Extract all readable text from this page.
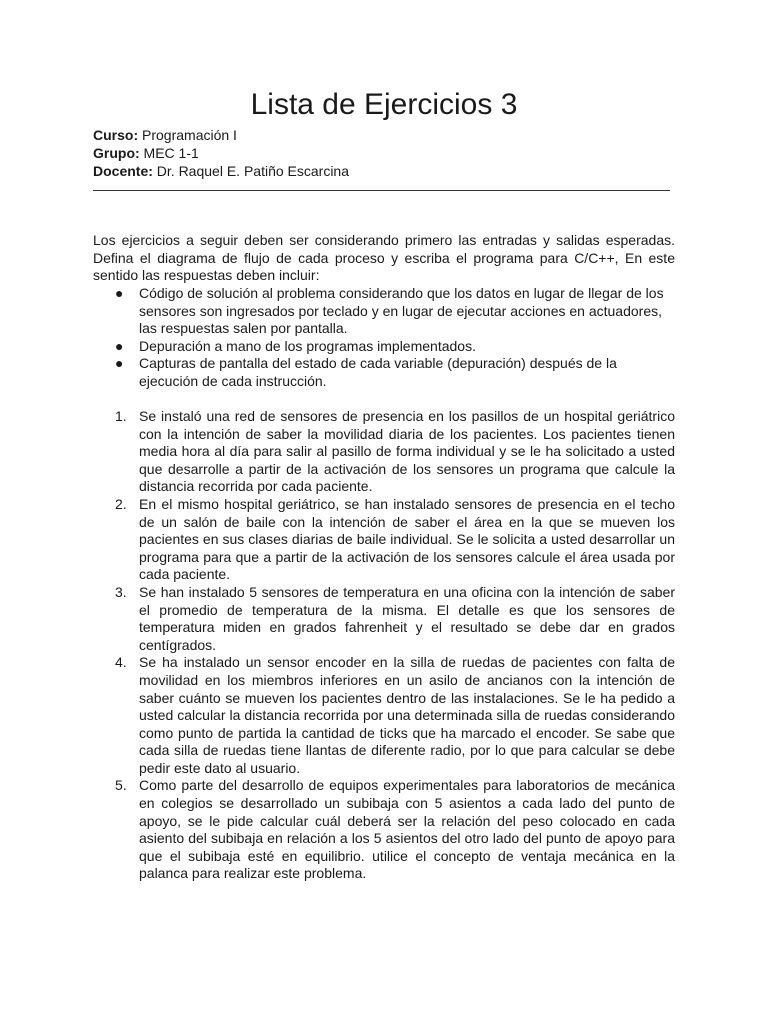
Lista de Ejercicios 3
Curso: Programación I
Grupo: MEC 1-1
Docente: Dr. Raquel E. Patiño Escarcina

Los ejercicios a seguir deben ser considerando primero las entradas y salidas esperadas. Defina el diagrama de flujo de cada proceso y escriba el programa para C/C++, En este sentido las respuestas deben incluir:

● Código de solución al problema considerando que los datos en lugar de llegar de los sensores son ingresados por teclado y en lugar de ejecutar acciones en actuadores, las respuestas salen por pantalla.
● Depuración a mano de los programas implementados.
● Capturas de pantalla del estado de cada variable (depuración) después de la ejecución de cada instrucción.
1. Se instaló una red de sensores de presencia en los pasillos de un hospital geriátrico con la intención de saber la movilidad diaria de los pacientes. Los pacientes tienen media hora al día para salir al pasillo de forma individual y se le ha solicitado a usted que desarrolle a partir de la activación de los sensores un programa que calcule la distancia recorrida por cada paciente.
2. En el mismo hospital geriátrico, se han instalado sensores de presencia en el techo de un salón de baile con la intención de saber el área en la que se mueven los pacientes en sus clases diarias de baile individual. Se le solicita a usted desarrollar un programa para que a partir de la activación de los sensores calcule el área usada por cada paciente.
3. Se han instalado 5 sensores de temperatura en una oficina con la intención de saber el promedio de temperatura de la misma. El detalle es que los sensores de temperatura miden en grados fahrenheit y el resultado se debe dar en grados centígrados.
4. Se ha instalado un sensor encoder en la silla de ruedas de pacientes con falta de movilidad en los miembros inferiores en un asilo de ancianos con la intención de saber cuánto se mueven los pacientes dentro de las instalaciones. Se le ha pedido a usted calcular la distancia recorrida por una determinada silla de ruedas considerando como punto de partida la cantidad de ticks que ha marcado el encoder. Se sabe que cada silla de ruedas tiene llantas de diferente radio, por lo que para calcular se debe pedir este dato al usuario.
5. Como parte del desarrollo de equipos experimentales para laboratorios de mecánica en colegios se desarrollado un subibaja con 5 asientos a cada lado del punto de apoyo, se le pide calcular cuál deberá ser la relación del peso colocado en cada asiento del subibaja en relación a los 5 asientos del otro lado del punto de apoyo para que el subibaja esté en equilibrio. utilice el concepto de ventaja mecánica en la palanca para realizar este problema.
